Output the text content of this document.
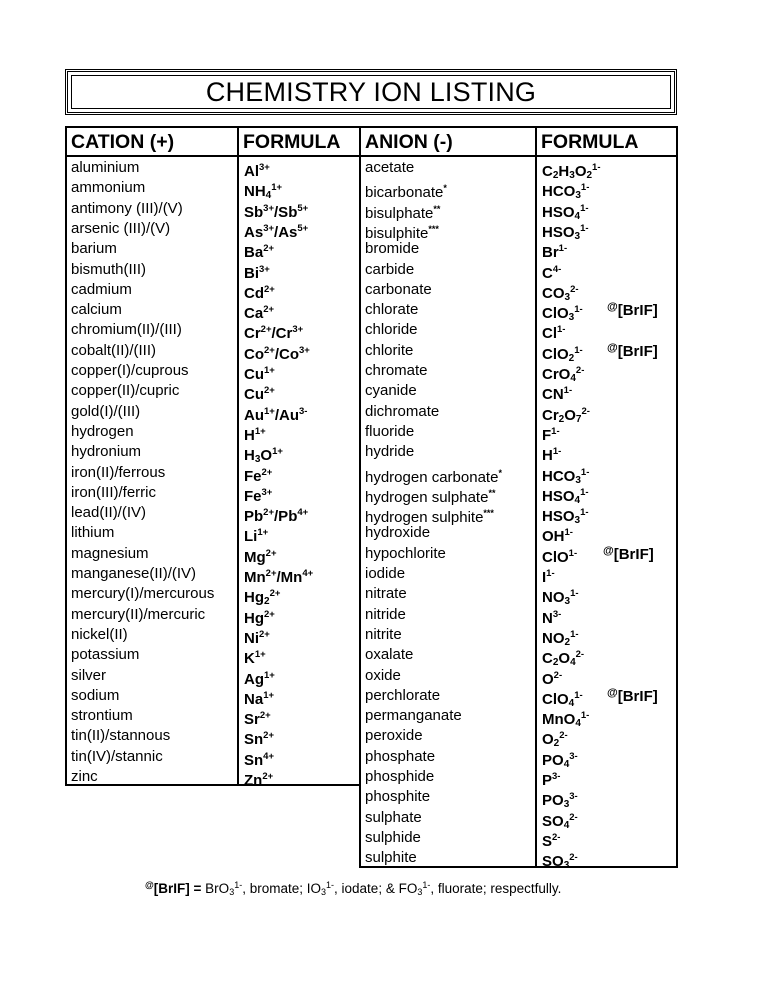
CHEMISTRY ION LISTING
CATION (+)	FORMULA
aluminium	$Al^{3+}$
ammonium	$NH_4^{1+}$
antimony (III)/(V)	$Sb^{3+}/Sb^{5+}$
arsenic (III)/(V)	$As^{3+}/As^{5+}$
barium	$Ba^{2+}$
bismuth(III)	$Bi^{3+}$
cadmium	$Cd^{2+}$
calcium	$Ca^{2+}$
chromium(II)/(III)	$Cr^{2+}/Cr^{3+}$
cobalt(II)/(III)	$Co^{2+}/Co^{3+}$
copper(I)/cuprous	$Cu^{1+}$
copper(II)/cupric	$Cu^{2+}$
gold(I)/(III)	$Au^{1+}/Au^{3-}$
hydrogen	$H^{1+}$
hydronium	$H_3O^{1+}$
iron(II)/ferrous	$Fe^{2+}$
iron(III)/ferric	$Fe^{3+}$
lead(II)/(IV)	$Pb^{2+}/Pb^{4+}$
lithium	$Li^{1+}$
magnesium	$Mg^{2+}$
manganese(II)/(IV)	$Mn^{2+}/Mn^{4+}$
mercury(I)/mercurous $Hg_2^{2+}$
mercury(II)/mercuric	$Hg^{2+}$
nickel(II)	$Ni^{2+}$
potassium	$K^{1+}$
silver	$Ag^{1+}$
sodium	$Na^{1+}$
strontium	$Sr^{2+}$
tin(II)/stannous	$Sn^{2+}$
tin(IV)/stannic	$Sn^{4+}$
zinc	$Zn^{2+}$
ANION (-)	FORMULA
acetate	$C_2H_3O_2^{1-}$
bicarbonate*	$HCO_3^{1-}$
bisulphate**	$HSO_4^{1-}$
bisulphite***	$HSO_3^{1-}$
bromide	$Br^{1-}$
carbide	$C^{4-}$
carbonate	$CO_3^{2-}$
chlorate	ClO$_3^{1-}$ @[BrIF]
chloride	$Cl^{1-}$
chlorite	ClO$_2^{1-}$ @[BrIF]
chromate	CrO$_4^{2-}$
cyanide	$CN^{1-}$
dichromate	$Cr_2O_7^{2-}$
fluoride	$F^{1-}$
hydride	$H^{1-}$
hydrogen carbonate*	$HCO_3^{1-}$
hydrogen sulphate**	$HSO_4^{1-}$
hydrogen sulphite***	$HSO_3^{1-}$
hydroxide	$OH^{1-}$
hypochlorite	ClO$^{1-}$ @[BrIF]
iodide	$I^{1-}$
nitrate	$NO_3^{1-}$
nitride	$N^{3-}$
nitrite	$NO_2^{1-}$
oxalate	$C_2O_4^{2-}$
oxide	$O^{2-}$
perchlorate	ClO$_4^{1-}$ @[BrIF]
permanganate	MnO$_4^{1-}$
peroxide	$O_2^{2-}$
phosphate	$PO_4^{3-}$
phosphide	$P^{3-}$
phosphite	$PO_3^{3-}$
sulphate	$SO_4^{2-}$
sulphide	$S^{2-}$
sulphite	$SO_3^{2-}$
@[BrIF] = $BrO3^{1-}$, bromate; $IO3^{1-}$, iodate; & $FO3^{1-}$, fluorate; respectfully.
